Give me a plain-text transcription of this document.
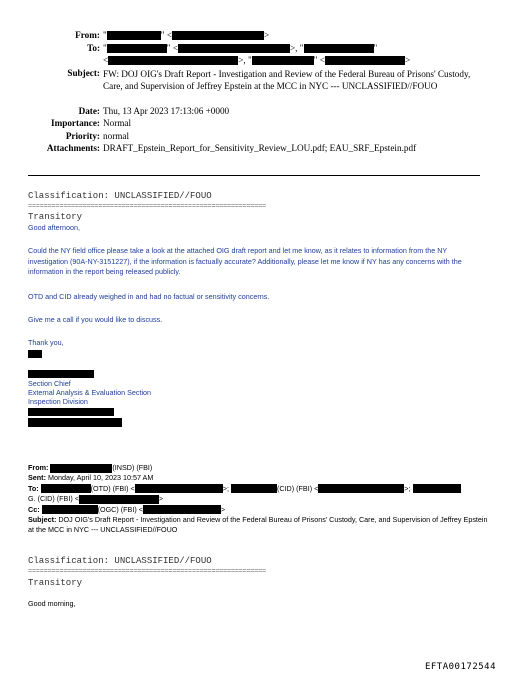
From: "	" <	>
To: "	" <	>, "	"
<	>, "	" <	>
Subject: FW: DOJ OIG's Draft Report - Investigation and Review of the Federal Bureau of Prisons' Custody, Care, and Supervision of Jeffrey Epstein at the MCC in NYC --- UNCLASSIFIED//FOUO
Date: Thu, 13 Apr 2023 17:13:06 +0000
Importance: Normal
Priority: normal
Attachments: DRAFT_Epstein_Report_for_Sensitivity_Review_LOU.pdf; EAU_SRF_Epstein.pdf
Classification: UNCLASSIFIED//FOUO
=============================================================
Transitory
Good afternoon,
Could the NY field office please take a look at the attached OIG draft report and let me know, as it relates to information from the NY investigation (90A-NY-3151227), if the information is factually accurate? Additionally, please let me know if NY has any concerns with the information in the report being released publicly.
OTD and CID already weighed in and had no factual or sensitivity concerns.
Give me a call if you would like to discuss.
Thank you,
Section Chief
External Analysis & Evaluation Section
Inspection Division
From:	(INSD) (FBI)
Sent: Monday, April 10, 2023 10:57 AM
To:	(OTD) (FBI) <	>;	(CID) (FBI) <	>;
G. (CID) (FBI) <	>
Cc:	(OGC) (FBI) <	>
Subject: DOJ OIG's Draft Report - Investigation and Review of the Federal Bureau of Prisons' Custody, Care, and Supervision of Jeffrey Epstein at the MCC in NYC --- UNCLASSIFIED//FOUO
Classification: UNCLASSIFIED//FOUO
=============================================================
Transitory
Good morning,
EFTA00172544
